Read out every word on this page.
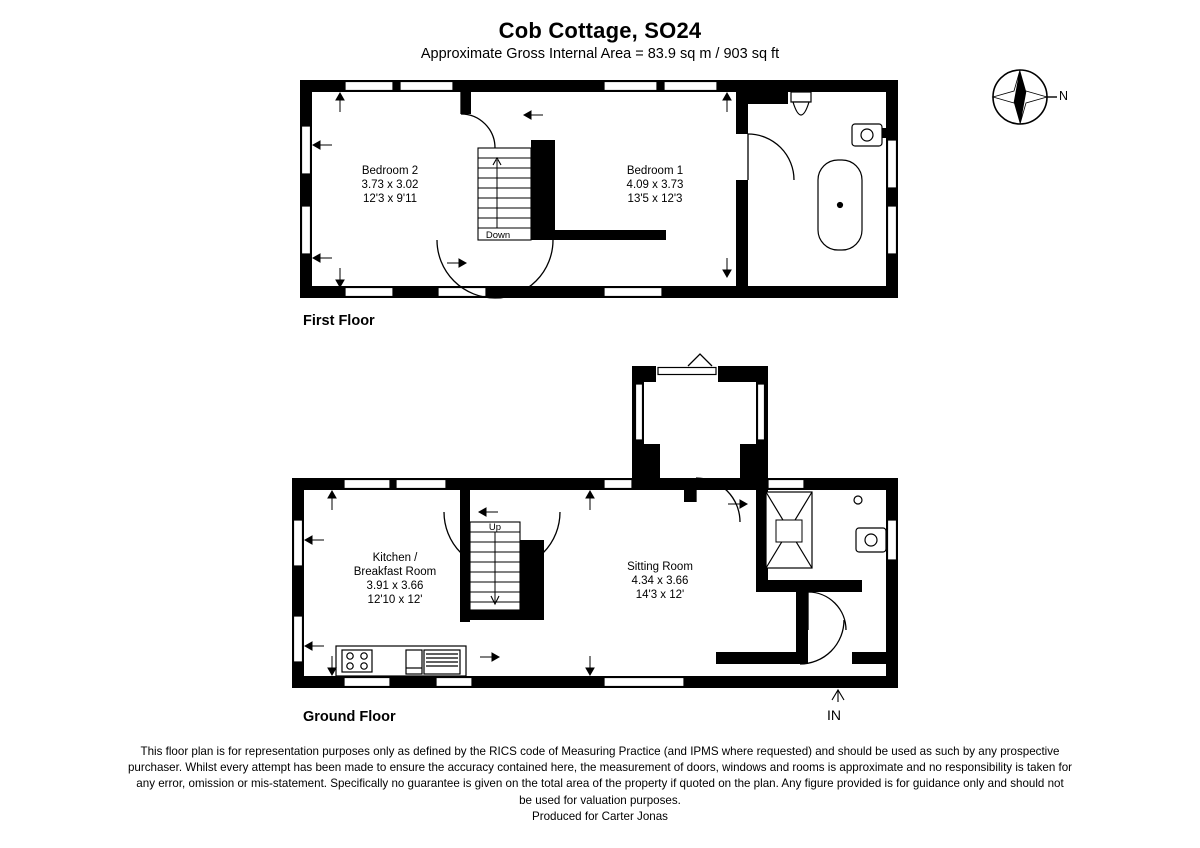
Cob Cottage, SO24
Approximate Gross Internal Area = 83.9 sq m / 903 sq ft
N
First Floor
Bedroom 2
3.73 x 3.02
12'3 x 9'11
Bedroom 1
4.09 x 3.73
13'5 x 12'3
Down
Ground Floor
Kitchen /
Breakfast Room
3.91 x 3.66
12'10 x 12'
Sitting Room
4.34 x 3.66
14'3 x 12'
Up
IN
This floor plan is for representation purposes only as defined by the RICS code of Measuring Practice (and IPMS where requested) and should be used as such by any prospective
purchaser. Whilst every attempt has been made to ensure the accuracy contained here, the measurement of doors, windows and rooms is approximate and no responsibility is taken for
any error, omission or mis-statement. Specifically no guarantee is given on the total area of the property if quoted on the plan. Any figure provided is for guidance only and should not
be used for valuation purposes.
Produced for Carter Jonas
